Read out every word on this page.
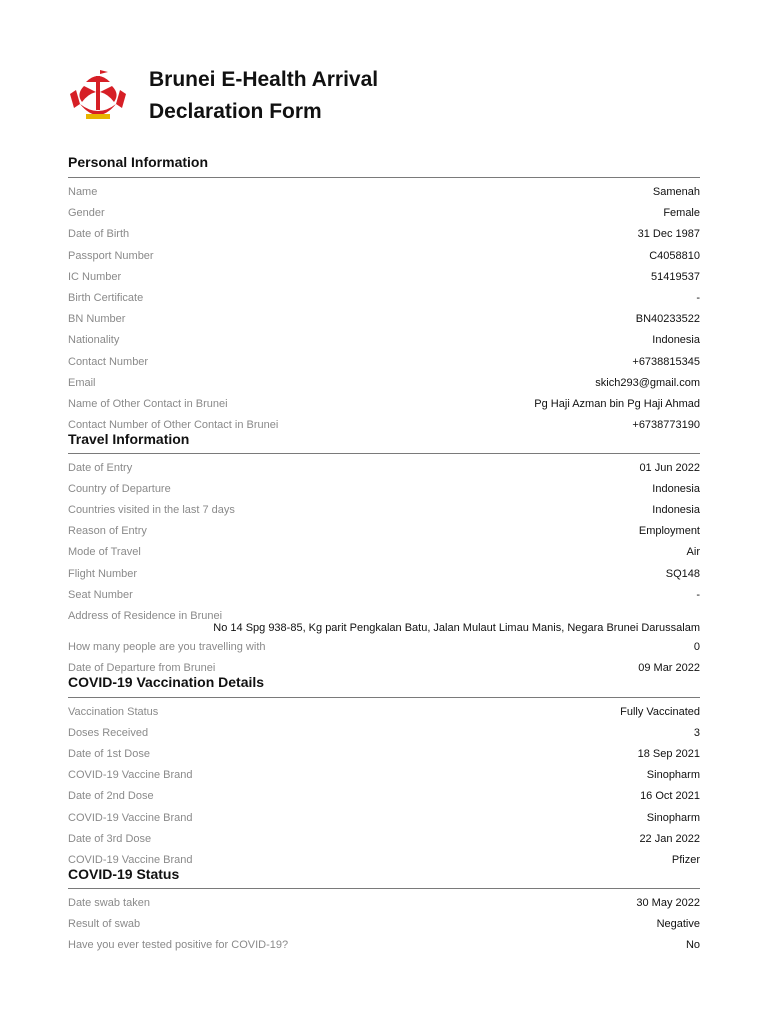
Brunei E-Health Arrival
Declaration Form
Personal Information
Name	Samenah
Gender	Female
Date of Birth	31 Dec 1987
Passport Number	C4058810
IC Number	51419537
Birth Certificate	-
BN Number	BN40233522
Nationality	Indonesia
Contact Number	+6738815345
Email	skich293@gmail.com
Name of Other Contact in Brunei	Pg Haji Azman bin Pg Haji Ahmad
Contact Number of Other Contact in Brunei	+6738773190
Travel Information
Date of Entry	01 Jun 2022
Country of Departure	Indonesia
Countries visited in the last 7 days	Indonesia
Reason of Entry	Employment
Mode of Travel	Air
Flight Number	SQ148
Seat Number	-
Address of Residence in Brunei
No 14 Spg 938-85, Kg parit Pengkalan Batu, Jalan Mulaut Limau Manis, Negara Brunei Darussalam
How many people are you travelling with	0
Date of Departure from Brunei	09 Mar 2022
COVID-19 Vaccination Details
Vaccination Status	Fully Vaccinated
Doses Received	3
Date of 1st Dose	18 Sep 2021
COVID-19 Vaccine Brand	Sinopharm
Date of 2nd Dose	16 Oct 2021
COVID-19 Vaccine Brand	Sinopharm
Date of 3rd Dose	22 Jan 2022
COVID-19 Vaccine Brand	Pfizer
COVID-19 Status
Date swab taken	30 May 2022
Result of swab	Negative
Have you ever tested positive for COVID-19?	No
